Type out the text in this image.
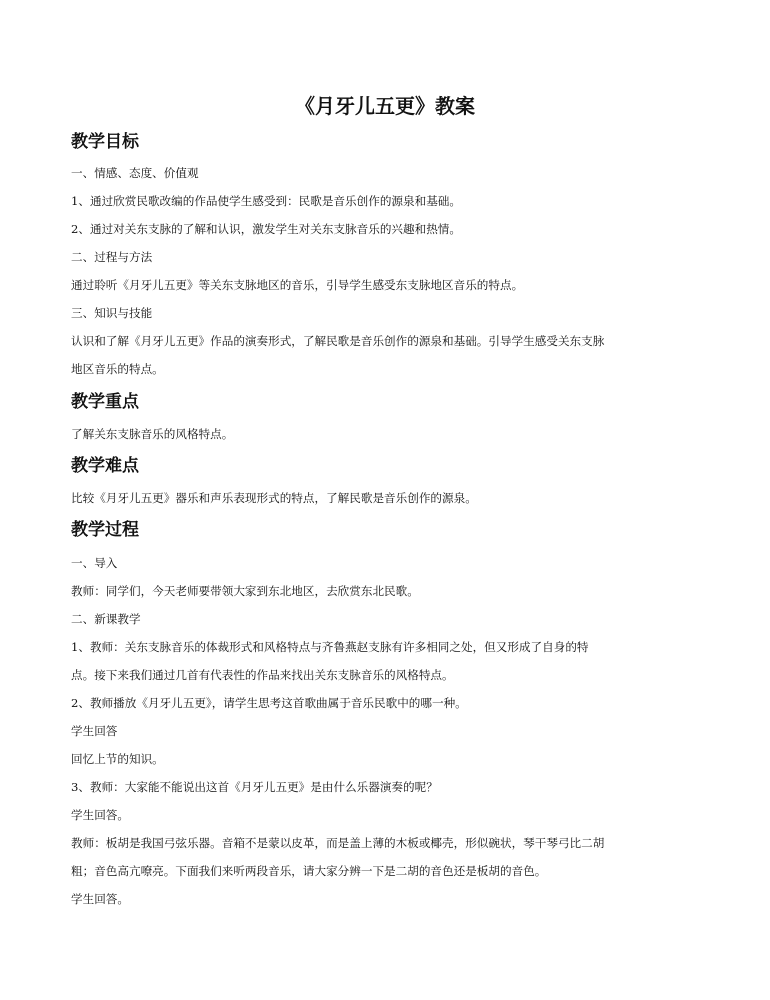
《月牙儿五更》教案
教学目标

一、情感、态度、价值观

1、通过欣赏民歌改编的作品使学生感受到：民歌是音乐创作的源泉和基础。

2、通过对关东支脉的了解和认识，激发学生对关东支脉音乐的兴趣和热情。

二、过程与方法

通过聆听《月牙儿五更》等关东支脉地区的音乐，引导学生感受东支脉地区音乐的特点。

三、知识与技能

认识和了解《月牙儿五更》作品的演奏形式，了解民歌是音乐创作的源泉和基础。引导学生感受关东支脉

地区音乐的特点。

教学重点

了解关东支脉音乐的风格特点。

教学难点

比较《月牙儿五更》器乐和声乐表现形式的特点，了解民歌是音乐创作的源泉。

教学过程

一、导入

教师：同学们，今天老师要带领大家到东北地区，去欣赏东北民歌。

二、新课教学

1、教师：关东支脉音乐的体裁形式和风格特点与齐鲁燕赵支脉有许多相同之处，但又形成了自身的特

点。接下来我们通过几首有代表性的作品来找出关东支脉音乐的风格特点。

2、教师播放《月牙儿五更》，请学生思考这首歌曲属于音乐民歌中的哪一种。

学生回答

回忆上节的知识。

3、教师：大家能不能说出这首《月牙儿五更》是由什么乐器演奏的呢？

学生回答。

教师：板胡是我国弓弦乐器。音箱不是蒙以皮革，而是盖上薄的木板或椰壳，形似碗状，琴干琴弓比二胡

粗；音色高亢嘹亮。下面我们来听两段音乐，请大家分辨一下是二胡的音色还是板胡的音色。

学生回答。
